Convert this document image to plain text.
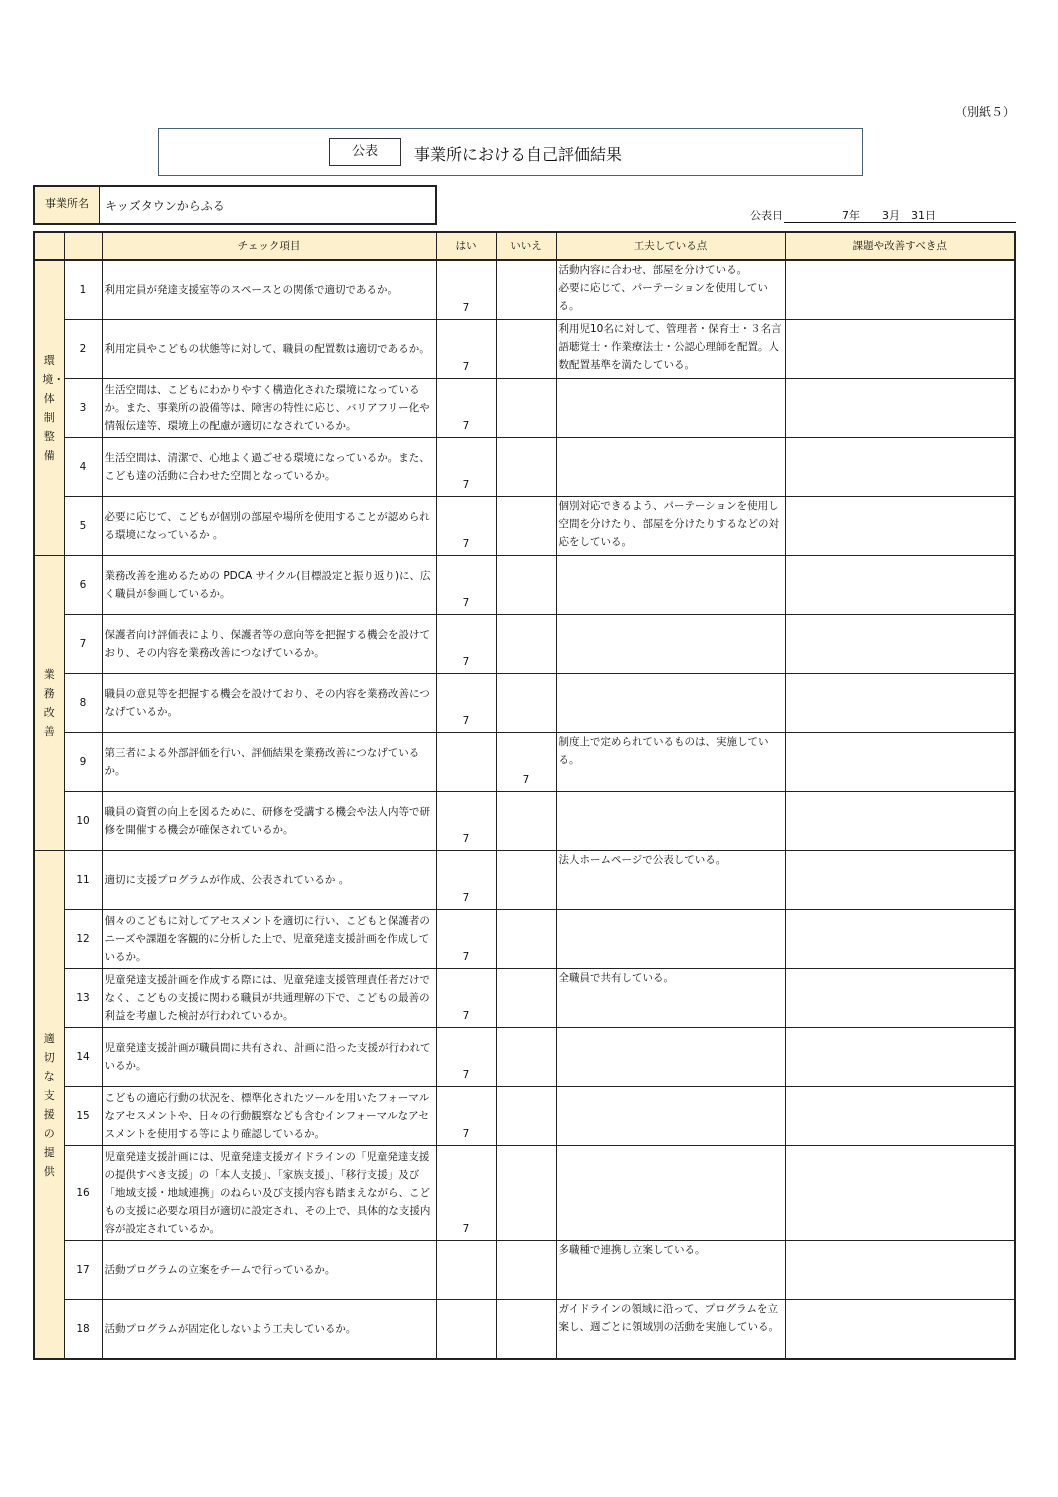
（別紙５）
公表	事業所における自己評価結果
事業所名	キッズタウンからふる
公表日	7年　　3月　31日
		チェック項目	はい	いいえ	工夫している点	課題や改善すべき点
環境・体制整備	1	利用定員が発達支援室等のスペースとの関係で適切であるか。	7		活動内容に合わせ、部屋を分けている。
必要に応じて、パーテーションを使用している。	
	2	利用定員やこどもの状態等に対して、職員の配置数は適切であるか。	7		利用児10名に対して、管理者・保育士・３名言語聴覚士・作業療法士・公認心理師を配置。人数配置基準を満たしている。	
	3	生活空間は、こどもにわかりやすく構造化された環境になっているか。また、事業所の設備等は、障害の特性に応じ、バリアフリー化や情報伝達等、環境上の配慮が適切になされているか。	7			
	4	生活空間は、清潔で、心地よく過ごせる環境になっているか。また、こども達の活動に合わせた空間となっているか。	7			
	5	必要に応じて、こどもが個別の部屋や場所を使用することが認められる環境になっているか 。	7		個別対応できるよう、パーテーションを使用し空間を分けたり、部屋を分けたりするなどの対応をしている。	
業務改善	6	業務改善を進めるための PDCA サイクル(目標設定と振り返り)に、広く職員が参画しているか。	7			
	7	保護者向け評価表により、保護者等の意向等を把握する機会を設けており、その内容を業務改善につなげているか。	7			
	8	職員の意見等を把握する機会を設けており、その内容を業務改善につなげているか。	7			
	9	第三者による外部評価を行い、評価結果を業務改善につなげているか。		7	制度上で定められているものは、実施している。	
	10	職員の資質の向上を図るために、研修を受講する機会や法人内等で研修を開催する機会が確保されているか。	7			
適切な支援の提供	11	適切に支援プログラムが作成、公表されているか 。	7		法人ホームページで公表している。	
	12	個々のこどもに対してアセスメントを適切に行い、こどもと保護者のニーズや課題を客観的に分析した上で、児童発達支援計画を作成しているか。	7			
	13	児童発達支援計画を作成する際には、児童発達支援管理責任者だけでなく、こどもの支援に関わる職員が共通理解の下で、こどもの最善の利益を考慮した検討が行われているか。	7		全職員で共有している。	
	14	児童発達支援計画が職員間に共有され、計画に沿った支援が行われているか。	7			
	15	こどもの適応行動の状況を、標準化されたツールを用いたフォーマルなアセスメントや、日々の行動観察なども含むインフォーマルなアセスメントを使用する等により確認しているか。	7			
	16	児童発達支援計画には、児童発達支援ガイドラインの「児童発達支援の提供すべき支援」の「本人支援」、「家族支援」、「移行支援」及び「地域支援・地域連携」のねらい及び支援内容も踏まえながら、こどもの支援に必要な項目が適切に設定され、その上で、具体的な支援内容が設定されているか。	7			
	17	活動プログラムの立案をチームで行っているか。			多職種で連携し立案している。	
	18	活動プログラムが固定化しないよう工夫しているか。			ガイドラインの領域に沿って、プログラムを立案し、週ごとに領域別の活動を実施している。	
